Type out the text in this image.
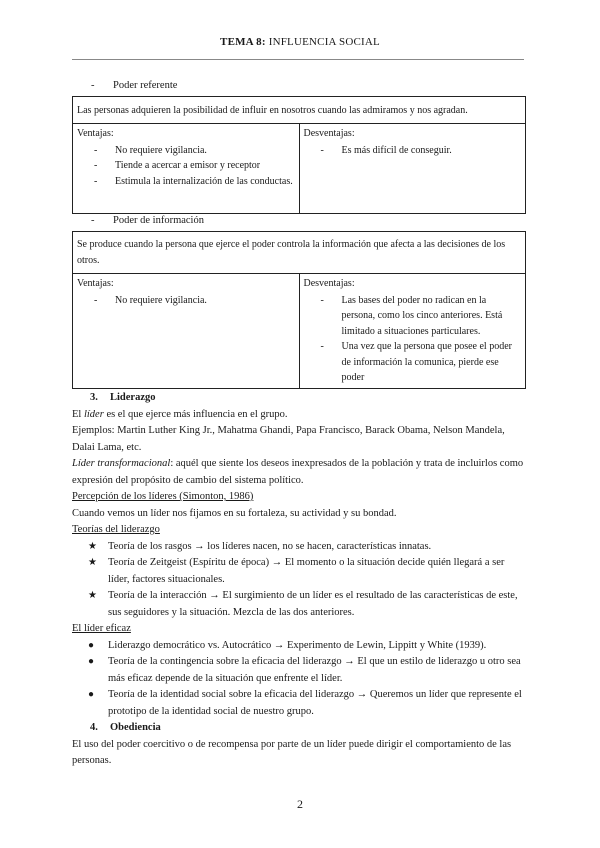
TEMA 8: INFLUENCIA SOCIAL
- Poder referente
Las personas adquieren la posibilidad de influir en nosotros cuando las admiramos y nos agradan.

Ventajas:
- No requiere vigilancia.
- Tiende a acercar a emisor y receptor
- Estimula la internalización de las conductas.

Desventajas:
- Es más difícil de conseguir.
- Poder de información
Se produce cuando la persona que ejerce el poder controla la información que afecta a las decisiones de los otros.

Ventajas:
- No requiere vigilancia.

Desventajas:
- Las bases del poder no radican en la persona, como los cinco anteriores. Está limitado a situaciones particulares.
- Una vez que la persona que posee el poder de información la comunica, pierde ese poder

3. Liderazgo

El líder es el que ejerce más influencia en el grupo.

Ejemplos: Martin Luther King Jr., Mahatma Ghandi, Papa Francisco, Barack Obama, Nelson Mandela, Dalai Lama, etc.

Líder transformacional: aquél que siente los deseos inexpresados de la población y trata de incluirlos como expresión del propósito de cambio del sistema político.

Percepción de los líderes (Simonton, 1986)

Cuando vemos un líder nos fijamos en su fortaleza, su actividad y su bondad.

Teorías del liderazgo

★ Teoría de los rasgos → los líderes nacen, no se hacen, características innatas.
★ Teoría de Zeitgeist (Espíritu de época) → El momento o la situación decide quién llegará a ser líder, factores situacionales.
★ Teoría de la interacción → El surgimiento de un líder es el resultado de las características de este, sus seguidores y la situación. Mezcla de las dos anteriores.

El líder eficaz

● Liderazgo democrático vs. Autocrático → Experimento de Lewin, Lippitt y White (1939).
● Teoría de la contingencia sobre la eficacia del liderazgo → El que un estilo de liderazgo u otro sea más eficaz depende de la situación que enfrente el líder.
● Teoría de la identidad social sobre la eficacia del liderazgo → Queremos un líder que represente el prototipo de la identidad social de nuestro grupo.

4. Obediencia

El uso del poder coercitivo o de recompensa por parte de un líder puede dirigir el comportamiento de las personas.

2
